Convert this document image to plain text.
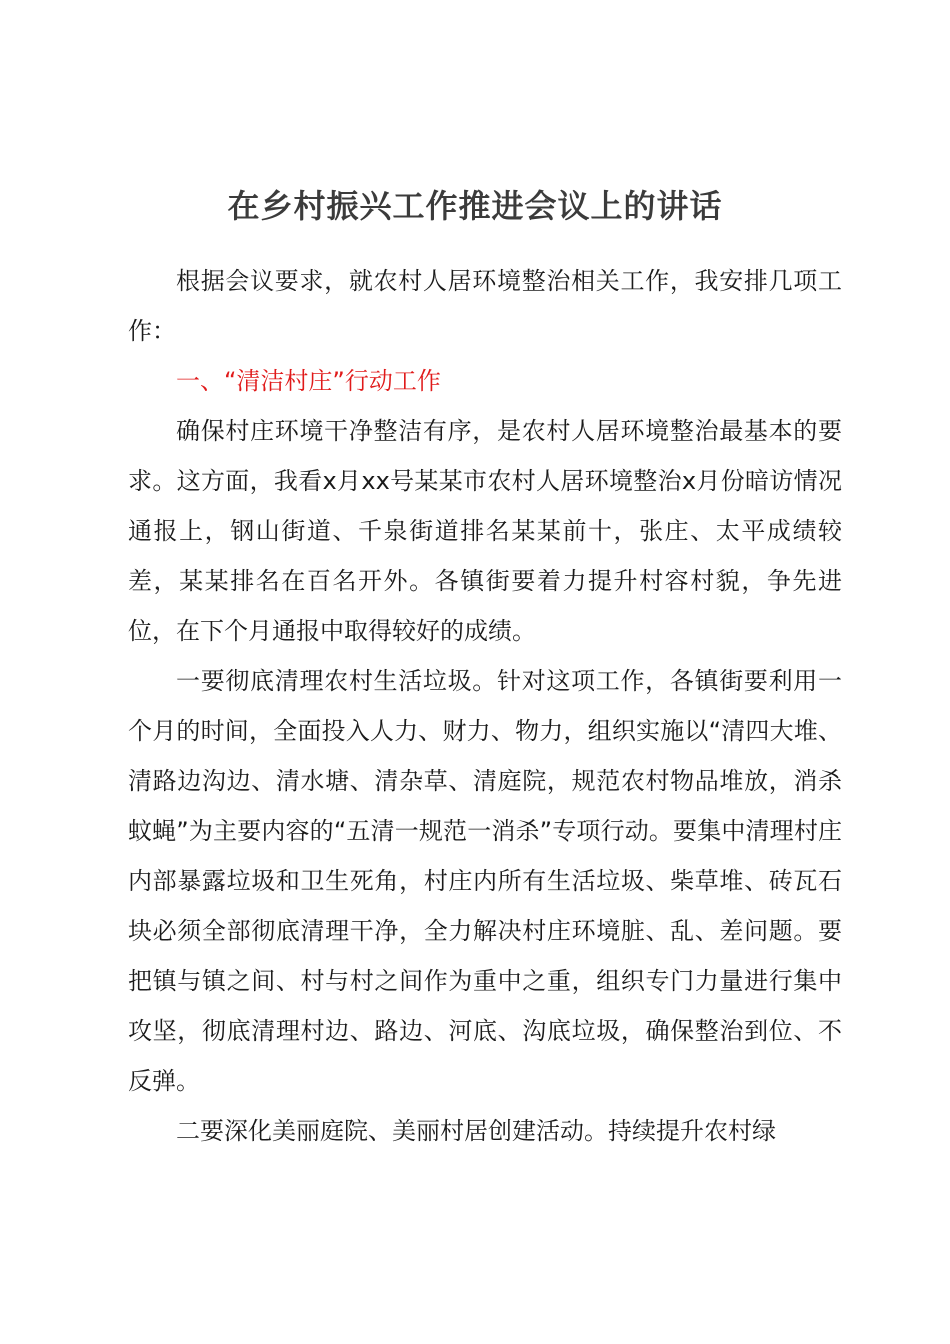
在乡村振兴工作推进会议上的讲话

根据会议要求，就农村人居环境整治相关工作，我安排几项工作：

一、“清洁村庄”行动工作

确保村庄环境干净整洁有序，是农村人居环境整治最基本的要求。这方面，我看x月xx号某某市农村人居环境整治x月份暗访情况通报上，钢山街道、千泉街道排名某某前十，张庄、太平成绩较差，某某排名在百名开外。各镇街要着力提升村容村貌，争先进位，在下个月通报中取得较好的成绩。

一要彻底清理农村生活垃圾。针对这项工作，各镇街要利用一个月的时间，全面投入人力、财力、物力，组织实施以“清四大堆、清路边沟边、清水塘、清杂草、清庭院，规范农村物品堆放，消杀蚊蝇”为主要内容的“五清一规范一消杀”专项行动。要集中清理村庄内部暴露垃圾和卫生死角，村庄内所有生活垃圾、柴草堆、砖瓦石块必须全部彻底清理干净，全力解决村庄环境脏、乱、差问题。要把镇与镇之间、村与村之间作为重中之重，组织专门力量进行集中攻坚，彻底清理村边、路边、河底、沟底垃圾，确保整治到位、不反弹。

二要深化美丽庭院、美丽村居创建活动。持续提升农村绿
